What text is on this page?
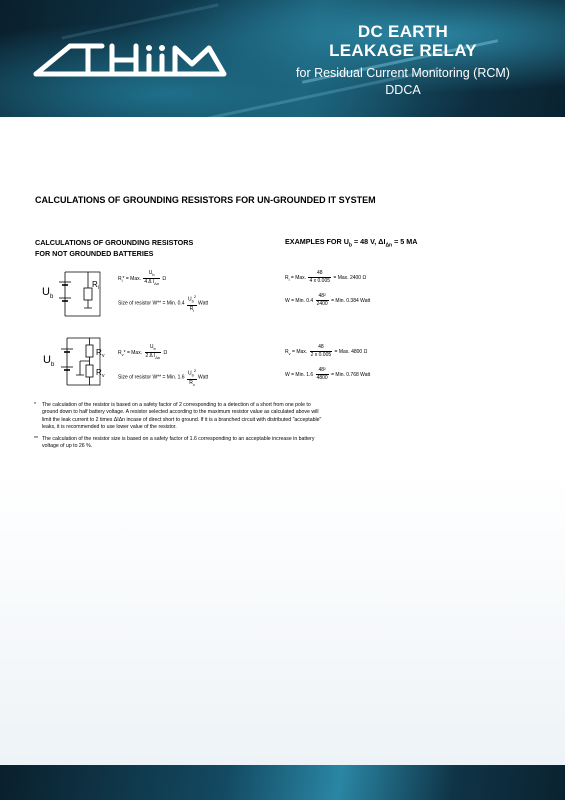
DC EARTH
LEAKAGE RELAY
for Residual Current Monitoring (RCM)
DDCA
CALCULATIONS OF GROUNDING RESISTORS FOR UN-GROUNDED IT SYSTEM
CALCULATIONS OF GROUNDING RESISTORS
FOR NOT GROUNDED BATTERIES
EXAMPLES FOR $U_b = 48$ V, $\Delta I_{\Delta n} = 5$ MA
U b
R i
$R_i*$ = Max. $\frac{U_b}{4 \Delta I_{\Delta n}}$ Ω
Size of resistor W** = Min. $0.4 \frac{U_b^2}{R_i}$ Watt
$R_i$ = Max. $\frac{48}{4 x 0.005}$ = Max. 2400 Ω
W = Min. $0.4 \frac{\text{48²}}{2400}$ = Min. 0.384 Watt
U b
R v
R v
$R_v*$ = Max. $\frac{U_b}{2 \Delta I_{\Delta n}}$ Ω
Size of resistor W** = Min. $1.6 \frac{U_b^2}{R_v}$ Watt
$R_v$ = Max. $\frac{48}{2 x 0.005}$ = Max. 4800 Ω
W = Min. $1.6 \frac{\text{48²}}{4800}$ = Min. 0.768 Watt
* The calculation of the resistor is based on a safety factor of 2 corresponding to a detection of a short from one pole to ground down to half battery voltage. A resistor selected according to the maximum resistor value as calculated above will limit the leak current to 2 times ΔIΔn incase of direct short to ground. If it is a branched circuit with distributed "acceptable" leaks, it is recommended to use lower value of the resistor.
** The calculation of the resistor size is based on a safety factor of 1.6 corresponding to an acceptable increase in battery voltage of up to 26 %.
